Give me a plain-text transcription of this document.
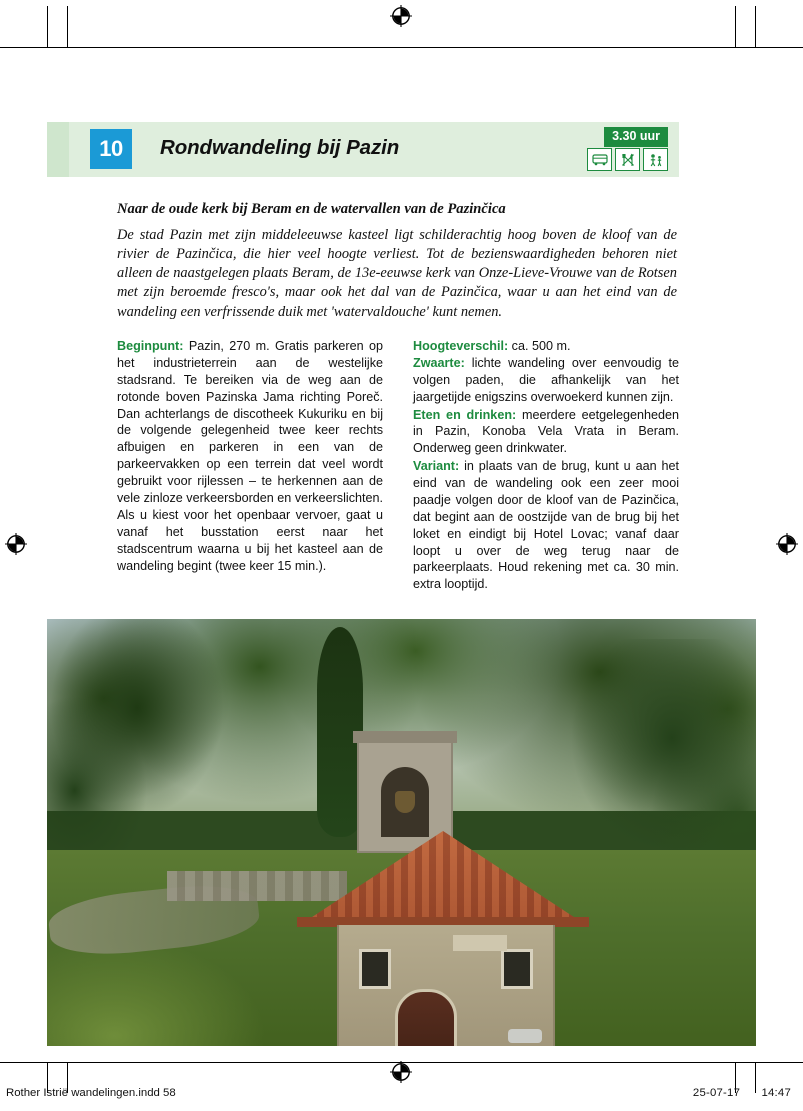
10	Rondwandeling bij Pazin	3.30 uur
Naar de oude kerk bij Beram en de watervallen van de Pazinčica
De stad Pazin met zijn middeleeuwse kasteel ligt schilderachtig hoog boven de kloof van de rivier de Pazinčica, die hier veel hoogte verliest. Tot de bezienswaardigheden behoren niet alleen de naastgelegen plaats Beram, de 13e-eeuwse kerk van Onze-Lieve-Vrouwe van de Rotsen met zijn beroemde fresco's, maar ook het dal van de Pazinčica, waar u aan het eind van de wandeling een verfrissende duik met 'watervaldouche' kunt nemen.

Beginpunt: Pazin, 270 m. Gratis parkeren op het industrieterrein aan de westelijke stadsrand. Te bereiken via de weg aan de rotonde boven Pazinska Jama richting Poreč. Dan achterlangs de discotheek Kukuriku en bij de volgende gelegenheid twee keer rechts afbuigen en parkeren in een van de parkeervakken op een terrein dat veel wordt gebruikt voor rijlessen – te herkennen aan de vele zinloze verkeersborden en verkeerslichten. Als u kiest voor het openbaar vervoer, gaat u vanaf het busstation eerst naar het stadscentrum waarna u bij het kasteel aan de wandeling begint (twee keer 15 min.).

Hoogteverschil: ca. 500 m.

Zwaarte: lichte wandeling over eenvoudig te volgen paden, die afhankelijk van het jaargetijde enigszins overwoekerd kunnen zijn.

Eten en drinken: meerdere eetgelegenheden in Pazin, Konoba Vela Vrata in Beram. Onderweg geen drinkwater.

Variant: in plaats van de brug, kunt u aan het eind van de wandeling ook een zeer mooi paadje volgen door de kloof van de Pazinčica, dat begint aan de oostzijde van de brug bij het loket en eindigt bij Hotel Lovac; vanaf daar loopt u over de weg terug naar de parkeerplaats. Houd rekening met ca. 30 min. extra looptijd.

Rother Istrië wandelingen.indd 58	25-07-17 14:47
